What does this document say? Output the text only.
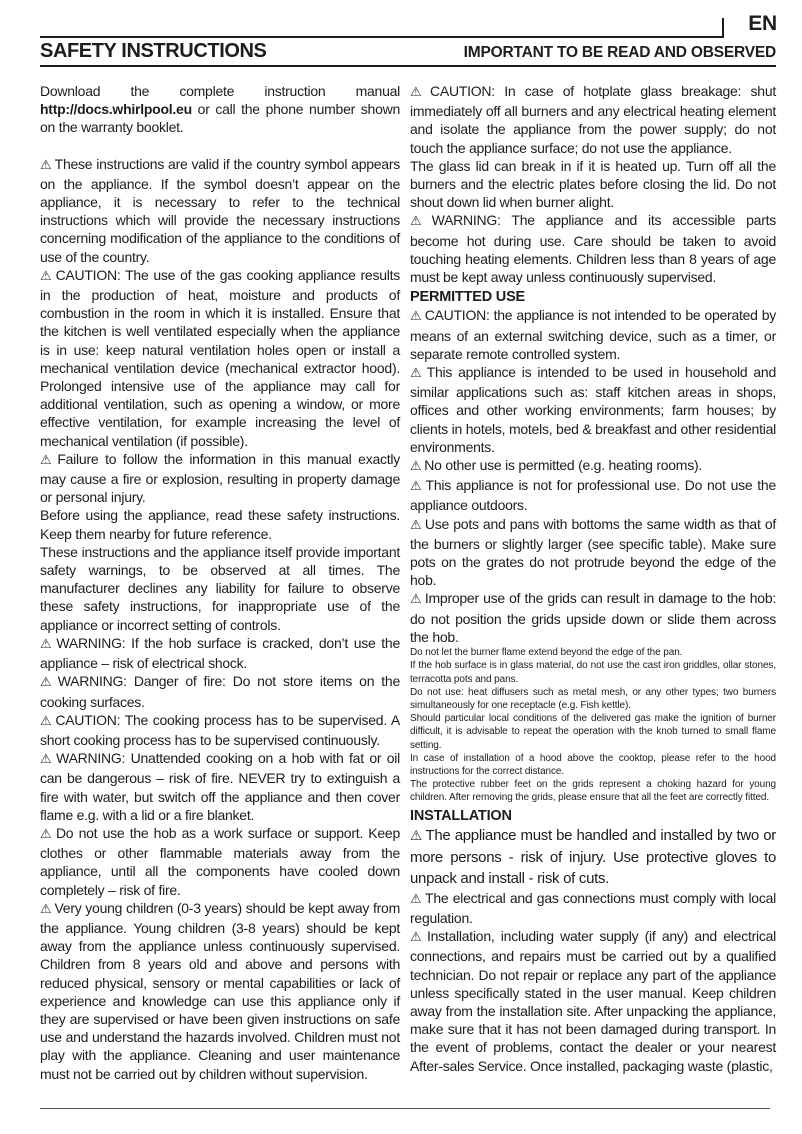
EN
SAFETY INSTRUCTIONS	IMPORTANT TO BE READ AND OBSERVED

Download the complete instruction manual http://docs.whirlpool.eu or call the phone number shown on the warranty booklet.

⚠ These instructions are valid if the country symbol appears on the appliance. If the symbol doesn’t appear on the appliance, it is necessary to refer to the technical instructions which will provide the necessary instructions concerning modification of the appliance to the conditions of use of the country.

⚠ CAUTION: The use of the gas cooking appliance results in the production of heat, moisture and products of combustion in the room in which it is installed. Ensure that the kitchen is well ventilated especially when the appliance is in use: keep natural ventilation holes open or install a mechanical ventilation device (mechanical extractor hood). Prolonged intensive use of the appliance may call for additional ventilation, such as opening a window, or more effective ventilation, for example increasing the level of mechanical ventilation (if possible).

⚠ Failure to follow the information in this manual exactly may cause a fire or explosion, resulting in property damage or personal injury.

Before using the appliance, read these safety instructions. Keep them nearby for future reference.

These instructions and the appliance itself provide important safety warnings, to be observed at all times. The manufacturer declines any liability for failure to observe these safety instructions, for inappropriate use of the appliance or incorrect setting of controls.

⚠ WARNING: If the hob surface is cracked, don’t use the appliance – risk of electrical shock.

⚠ WARNING: Danger of fire: Do not store items on the cooking surfaces.

⚠ CAUTION: The cooking process has to be supervised. A short cooking process has to be supervised continuously.

⚠ WARNING: Unattended cooking on a hob with fat or oil can be dangerous – risk of fire. NEVER try to extinguish a fire with water, but switch off the appliance and then cover flame e.g. with a lid or a fire blanket.

⚠ Do not use the hob as a work surface or support. Keep clothes or other flammable materials away from the appliance, until all the components have cooled down completely – risk of fire.

⚠ Very young children (0-3 years) should be kept away from the appliance. Young children (3-8 years) should be kept away from the appliance unless continuously supervised. Children from 8 years old and above and persons with reduced physical, sensory or mental capabilities or lack of experience and knowledge can use this appliance only if they are supervised or have been given instructions on safe use and understand the hazards involved. Children must not play with the appliance. Cleaning and user maintenance must not be carried out by children without supervision.

⚠ CAUTION: In case of hotplate glass breakage: shut immediately off all burners and any electrical heating element and isolate the appliance from the power supply; do not touch the appliance surface; do not use the appliance.

The glass lid can break in if it is heated up. Turn off all the burners and the electric plates before closing the lid. Do not shout down lid when burner alight.

⚠ WARNING: The appliance and its accessible parts become hot during use. Care should be taken to avoid touching heating elements. Children less than 8 years of age must be kept away unless continuously supervised.

PERMITTED USE

⚠ CAUTION: the appliance is not intended to be operated by means of an external switching device, such as a timer, or separate remote controlled system.

⚠ This appliance is intended to be used in household and similar applications such as: staff kitchen areas in shops, offices and other working environments; farm houses; by clients in hotels, motels, bed & breakfast and other residential environments.

⚠ No other use is permitted (e.g. heating rooms).

⚠ This appliance is not for professional use. Do not use the appliance outdoors.

⚠ Use pots and pans with bottoms the same width as that of the burners or slightly larger (see specific table). Make sure pots on the grates do not protrude beyond the edge of the hob.

⚠ Improper use of the grids can result in damage to the hob: do not position the grids upside down or slide them across the hob.

Do not let the burner flame extend beyond the edge of the pan.

If the hob surface is in glass material, do not use the cast iron griddles, ollar stones, terracotta pots and pans.

Do not use: heat diffusers such as metal mesh, or any other types; two burners simultaneously for one receptacle (e.g. Fish kettle).

Should particular local conditions of the delivered gas make the ignition of burner difficult, it is advisable to repeat the operation with the knob turned to small flame setting.

In case of installation of a hood above the cooktop, please refer to the hood instructions for the correct distance.

The protective rubber feet on the grids represent a choking hazard for young children. After removing the grids, please ensure that all the feet are correctly fitted.

INSTALLATION

⚠ The appliance must be handled and installed by two or more persons - risk of injury. Use protective gloves to unpack and install - risk of cuts.

⚠ The electrical and gas connections must comply with local regulation.

⚠ Installation, including water supply (if any) and electrical connections, and repairs must be carried out by a qualified technician. Do not repair or replace any part of the appliance unless specifically stated in the user manual. Keep children away from the installation site. After unpacking the appliance, make sure that it has not been damaged during transport. In the event of problems, contact the dealer or your nearest After-sales Service. Once installed, packaging waste (plastic,
